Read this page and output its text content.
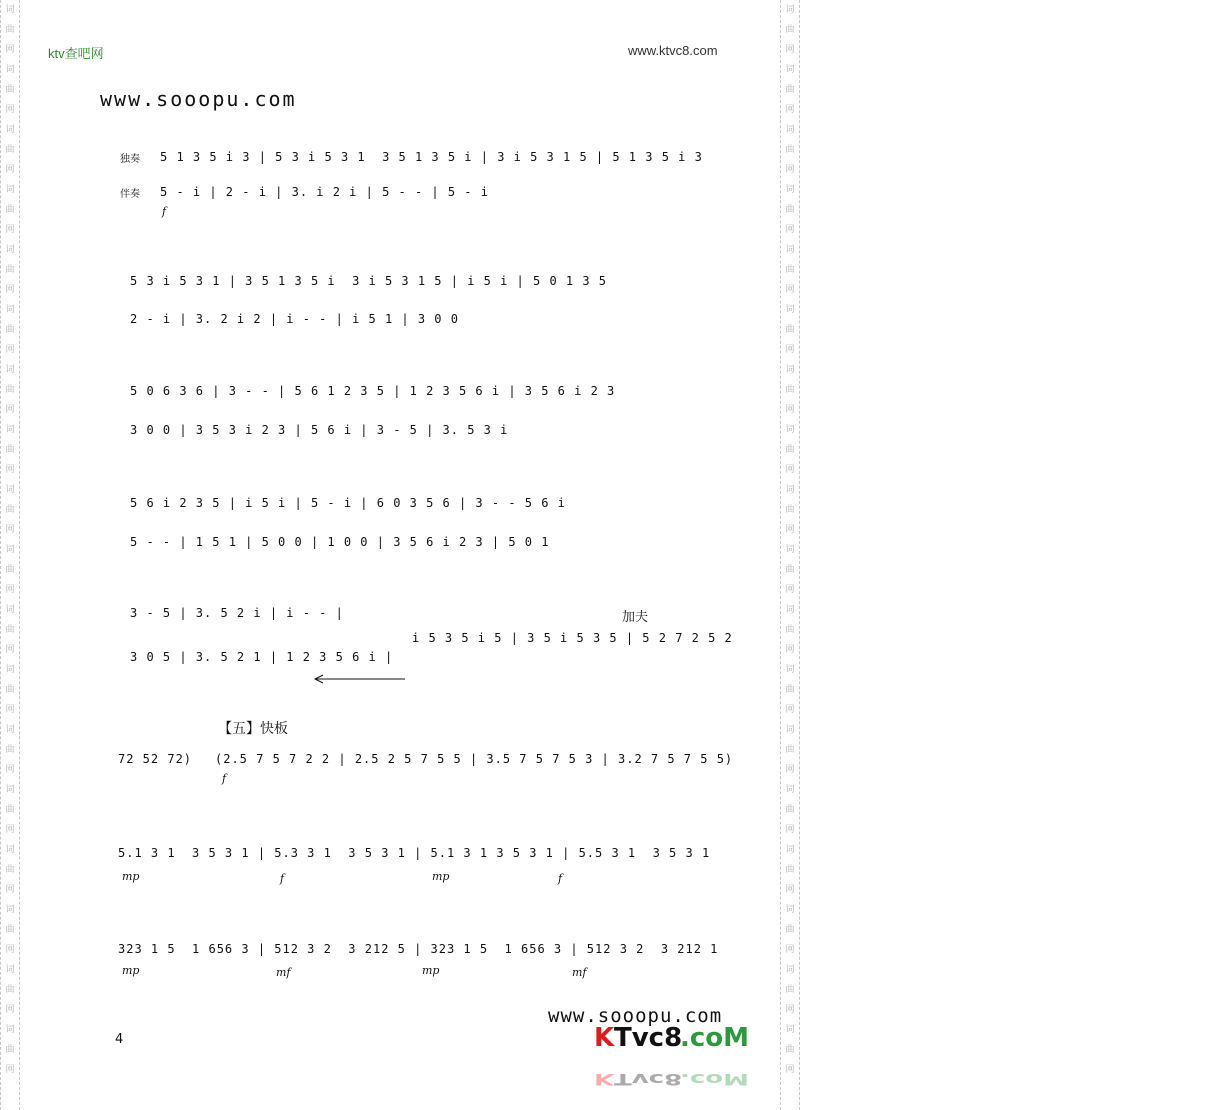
词
曲
网
词
曲
网
词
曲
网
词
曲
网
词
曲
网
词
曲
网
词
曲
网
词
曲
网
词
曲
网
词
曲
网
词
曲
网
词
曲
网
词
曲
网
词
曲
网
词
曲
网
词
曲
网
词
曲
网
词
曲
网

词
曲
网
词
曲
网
词
曲
网
词
曲
网
词
曲
网
词
曲
网
词
曲
网
词
曲
网
词
曲
网
词
曲
网
词
曲
网
词
曲
网
词
曲
网
词
曲
网
词
曲
网
词
曲
网
词
曲
网
词
曲
网

ktv查吧网	www.ktvc8.com
www.sooopu.com
独奏
伴奏
5 1 3 5 i 3 | 5 3 i 5 3 1  3 5 1 3 5 i | 3 i 5 3 1 5 | 5 1 3 5 i 3
5 - i | 2 - i | 3. i 2 i | 5 - - | 5 - i
f
5 3 i 5 3 1 | 3 5 1 3 5 i  3 i 5 3 1 5 | i 5 i | 5 0 1 3 5
2 - i | 3. 2 i 2 | i - - | i 5 1 | 3 0 0
5 0 6 3 6 | 3 - - | 5 6 1 2 3 5 | 1 2 3 5 6 i | 3 5 6 i 2 3
3 0 0 | 3 5 3 i 2 3 | 5 6 i | 3 - 5 | 3. 5 3 i
5 6 i 2 3 5 | i 5 i | 5 - i | 6 0 3 5 6 | 3 - - 5 6 i
5 - - | 1 5 1 | 5 0 0 | 1 0 0 | 3 5 6 i 2 3 | 5 0 1
3 - 5 | 3. 5 2 i | i - - |
3 0 5 | 3. 5 2 1 | 1 2 3 5 6 i |
i 5 3 5 i 5 | 3 5 i 5 3 5 | 5 2 7 2 5 2
加夫
【五】快板
72 52 72)	(2.5 7 5 7 2 2 | 2.5 2 5 7 5 5 | 3.5 7 5 7 5 3 | 3.2 7 5 7 5 5)
f
5.1 3 1  3 5 3 1 | 5.3 3 1  3 5 3 1 | 5.1 3 1 3 5 3 1 | 5.5 3 1  3 5 3 1
mp	f	mp	f
323 1 5  1 656 3 | 512 3 2  3 212 5 | 323 1 5  1 656 3 | 512 3 2  3 212 1
mp	mf	mp	mf
4
www.sooopu.com
K Tvc8
.coM
K Tvc8
.coM
